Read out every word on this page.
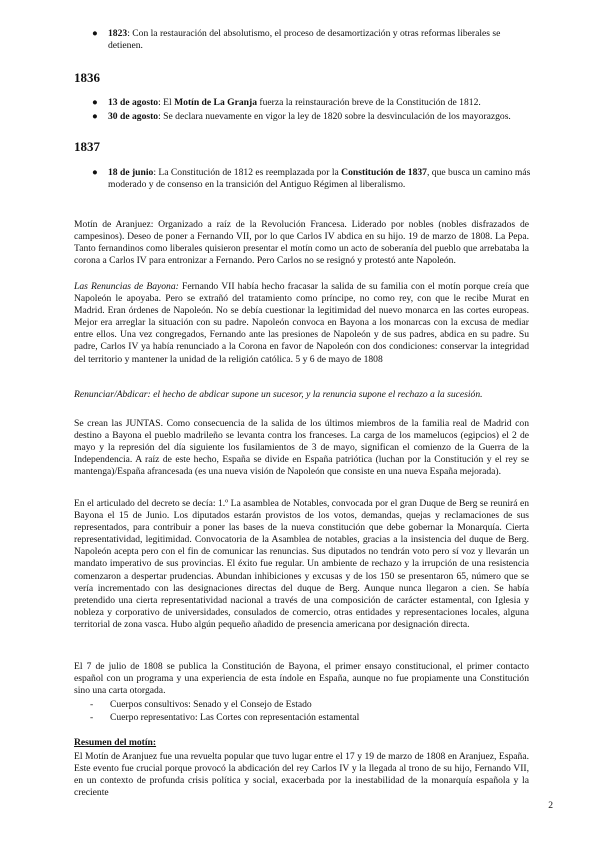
● 1823: Con la restauración del absolutismo, el proceso de desamortización y otras reformas liberales se detienen.
1836
● 13 de agosto: El Motín de La Granja fuerza la reinstauración breve de la Constitución de 1812.
● 30 de agosto: Se declara nuevamente en vigor la ley de 1820 sobre la desvinculación de los mayorazgos.
1837
● 18 de junio: La Constitución de 1812 es reemplazada por la Constitución de 1837, que busca un camino más moderado y de consenso en la transición del Antiguo Régimen al liberalismo.

Motín de Aranjuez: Organizado a raíz de la Revolución Francesa. Liderado por nobles (nobles disfrazados de campesinos). Deseo de poner a Fernando VII, por lo que Carlos IV abdica en su hijo. 19 de marzo de 1808. La Pepa. Tanto fernandinos como liberales quisieron presentar el motín como un acto de soberanía del pueblo que arrebataba la corona a Carlos IV para entronizar a Fernando. Pero Carlos no se resignó y protestó ante Napoleón.

Las Renuncias de Bayona: Fernando VII había hecho fracasar la salida de su familia con el motín porque creía que Napoleón le apoyaba. Pero se extrañó del tratamiento como príncipe, no como rey, con que le recibe Murat en Madrid. Eran órdenes de Napoleón. No se debía cuestionar la legitimidad del nuevo monarca en las cortes europeas. Mejor era arreglar la situación con su padre. Napoleón convoca en Bayona a los monarcas con la excusa de mediar entre ellos. Una vez congregados, Fernando ante las presiones de Napoleón y de sus padres, abdica en su padre. Su padre, Carlos IV ya había renunciado a la Corona en favor de Napoleón con dos condiciones: conservar la integridad del territorio y mantener la unidad de la religión católica. 5 y 6 de mayo de 1808

Renunciar/Abdicar: el hecho de abdicar supone un sucesor, y la renuncia supone el rechazo a la sucesión.

Se crean las JUNTAS. Como consecuencia de la salida de los últimos miembros de la familia real de Madrid con destino a Bayona el pueblo madrileño se levanta contra los franceses. La carga de los mamelucos (egipcios) el 2 de mayo y la represión del día siguiente los fusilamientos de 3 de mayo, significan el comienzo de la Guerra de la Independencia. A raíz de este hecho, España se divide en España patriótica (luchan por la Constitución y el rey se mantenga)/España afrancesada (es una nueva visión de Napoleón que consiste en una nueva España mejorada).

En el articulado del decreto se decía: 1.º La asamblea de Notables, convocada por el gran Duque de Berg se reunirá en Bayona el 15 de Junio. Los diputados estarán provistos de los votos, demandas, quejas y reclamaciones de sus representados, para contribuir a poner las bases de la nueva constitución que debe gobernar la Monarquía. Cierta representatividad, legitimidad. Convocatoria de la Asamblea de notables, gracias a la insistencia del duque de Berg. Napoleón acepta pero con el fin de comunicar las renuncias. Sus diputados no tendrán voto pero sí voz y llevarán un mandato imperativo de sus provincias. El éxito fue regular. Un ambiente de rechazo y la irrupción de una resistencia comenzaron a despertar prudencias. Abundan inhibiciones y excusas y de los 150 se presentaron 65, número que se vería incrementado con las designaciones directas del duque de Berg. Aunque nunca llegaron a cien. Se había pretendido una cierta representatividad nacional a través de una composición de carácter estamental, con Iglesia y nobleza y corporativo de universidades, consulados de comercio, otras entidades y representaciones locales, alguna territorial de zona vasca. Hubo algún pequeño añadido de presencia americana por designación directa.

El 7 de julio de 1808 se publica la Constitución de Bayona, el primer ensayo constitucional, el primer contacto español con un programa y una experiencia de esta índole en España, aunque no fue propiamente una Constitución sino una carta otorgada.

- Cuerpos consultivos: Senado y el Consejo de Estado
- Cuerpo representativo: Las Cortes con representación estamental
Resumen del motín:

El Motín de Aranjuez fue una revuelta popular que tuvo lugar entre el 17 y 19 de marzo de 1808 en Aranjuez, España. Este evento fue crucial porque provocó la abdicación del rey Carlos IV y la llegada al trono de su hijo, Fernando VII, en un contexto de profunda crisis política y social, exacerbada por la inestabilidad de la monarquía española y la creciente

2
